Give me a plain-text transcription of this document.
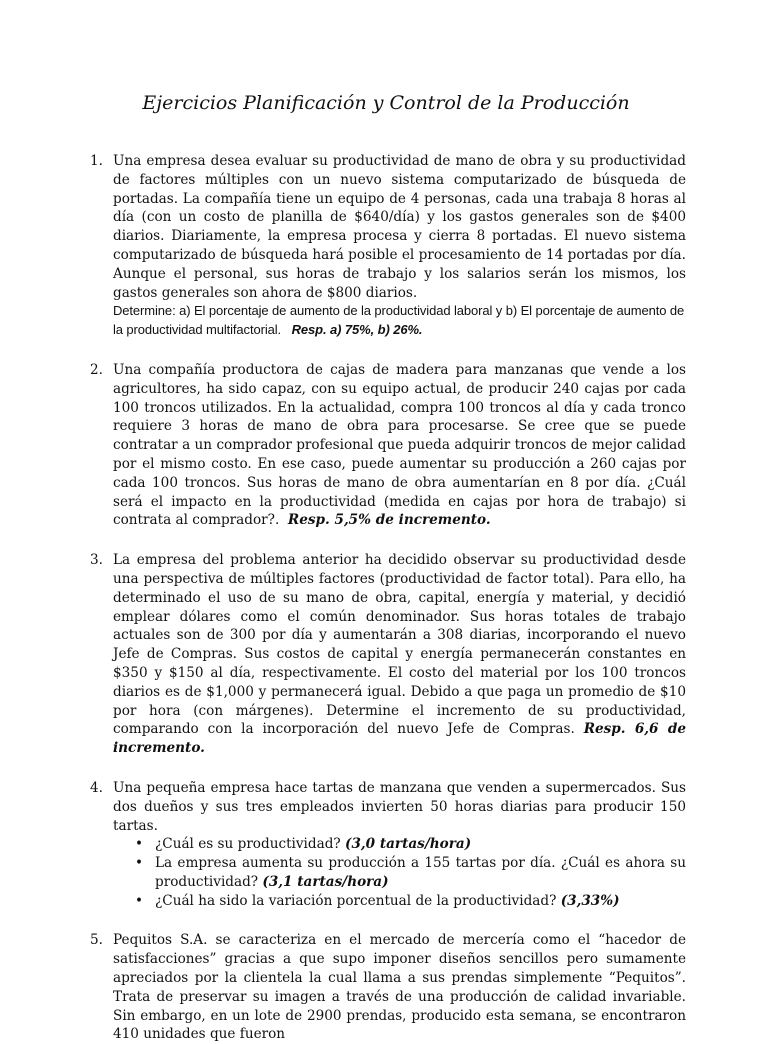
Ejercicios Planificación y Control de la Producción
1. Una empresa desea evaluar su productividad de mano de obra y su productividad de factores múltiples con un nuevo sistema computarizado de búsqueda de portadas. La compañía tiene un equipo de 4 personas, cada una trabaja 8 horas al día (con un costo de planilla de $640/día) y los gastos generales son de $400 diarios. Diariamente, la empresa procesa y cierra 8 portadas. El nuevo sistema computarizado de búsqueda hará posible el procesamiento de 14 portadas por día. Aunque el personal, sus horas de trabajo y los salarios serán los mismos, los gastos generales son ahora de $800 diarios.

Determine: a) El porcentaje de aumento de la productividad laboral y b) El porcentaje de aumento de la productividad multifactorial. Resp. a) 75%, b) 26%.

2. Una compañía productora de cajas de madera para manzanas que vende a los agricultores, ha sido capaz, con su equipo actual, de producir 240 cajas por cada 100 troncos utilizados. En la actualidad, compra 100 troncos al día y cada tronco requiere 3 horas de mano de obra para procesarse. Se cree que se puede contratar a un comprador profesional que pueda adquirir troncos de mejor calidad por el mismo costo. En ese caso, puede aumentar su producción a 260 cajas por cada 100 troncos. Sus horas de mano de obra aumentarían en 8 por día. ¿Cuál será el impacto en la productividad (medida en cajas por hora de trabajo) si contrata al comprador?. Resp. 5,5% de incremento.

3. La empresa del problema anterior ha decidido observar su productividad desde una perspectiva de múltiples factores (productividad de factor total). Para ello, ha determinado el uso de su mano de obra, capital, energía y material, y decidió emplear dólares como el común denominador. Sus horas totales de trabajo actuales son de 300 por día y aumentarán a 308 diarias, incorporando el nuevo Jefe de Compras. Sus costos de capital y energía permanecerán constantes en $350 y $150 al día, respectivamente. El costo del material por los 100 troncos diarios es de $1,000 y permanecerá igual. Debido a que paga un promedio de $10 por hora (con márgenes). Determine el incremento de su productividad, comparando con la incorporación del nuevo Jefe de Compras. Resp. 6,6 de incremento.

4. Una pequeña empresa hace tartas de manzana que venden a supermercados. Sus dos dueños y sus tres empleados invierten 50 horas diarias para producir 150 tartas.

• ¿Cuál es su productividad? (3,0 tartas/hora)
• La empresa aumenta su producción a 155 tartas por día. ¿Cuál es ahora su productividad? (3,1 tartas/hora)
• ¿Cuál ha sido la variación porcentual de la productividad? (3,33%)
5. Pequitos S.A. se caracteriza en el mercado de mercería como el “hacedor de satisfacciones” gracias a que supo imponer diseños sencillos pero sumamente apreciados por la clientela la cual llama a sus prendas simplemente “Pequitos”. Trata de preservar su imagen a través de una producción de calidad invariable. Sin embargo, en un lote de 2900 prendas, producido esta semana, se encontraron 410 unidades que fueron
